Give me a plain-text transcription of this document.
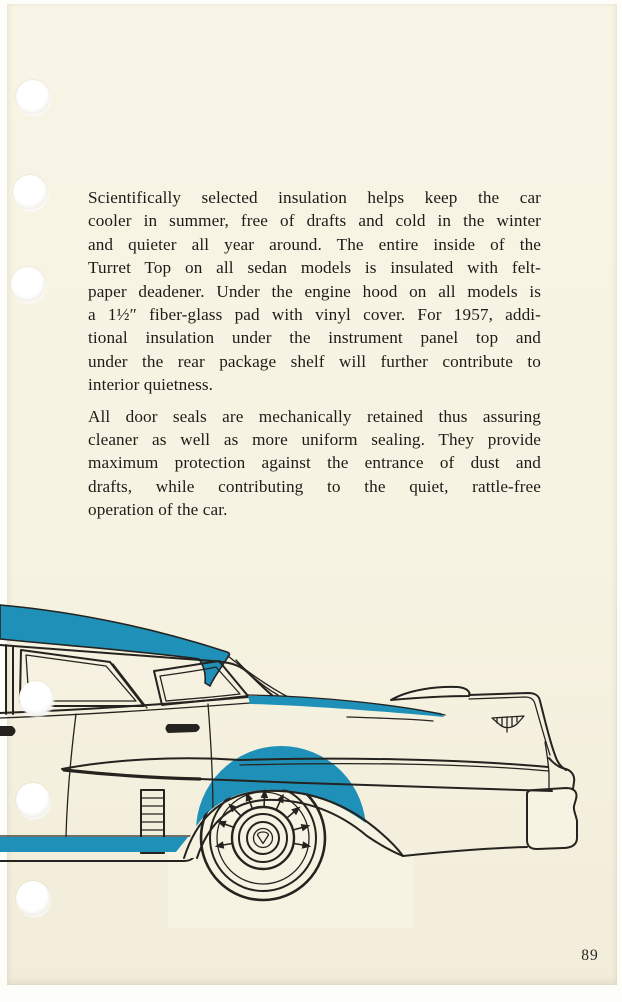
Scientifically selected insulation helps keep the car
cooler in summer, free of drafts and cold in the winter
and quieter all year around. The entire inside of the
Turret Top on all sedan models is insulated with felt-
paper deadener. Under the engine hood on all models is
a 1½″ fiber-glass pad with vinyl cover. For 1957, addi-
tional insulation under the instrument panel top and
under the rear package shelf will further contribute to
interior quietness.
All door seals are mechanically retained thus assuring
cleaner as well as more uniform sealing. They provide
maximum protection against the entrance of dust and
drafts, while contributing to the quiet, rattle-free
operation of the car.
89
